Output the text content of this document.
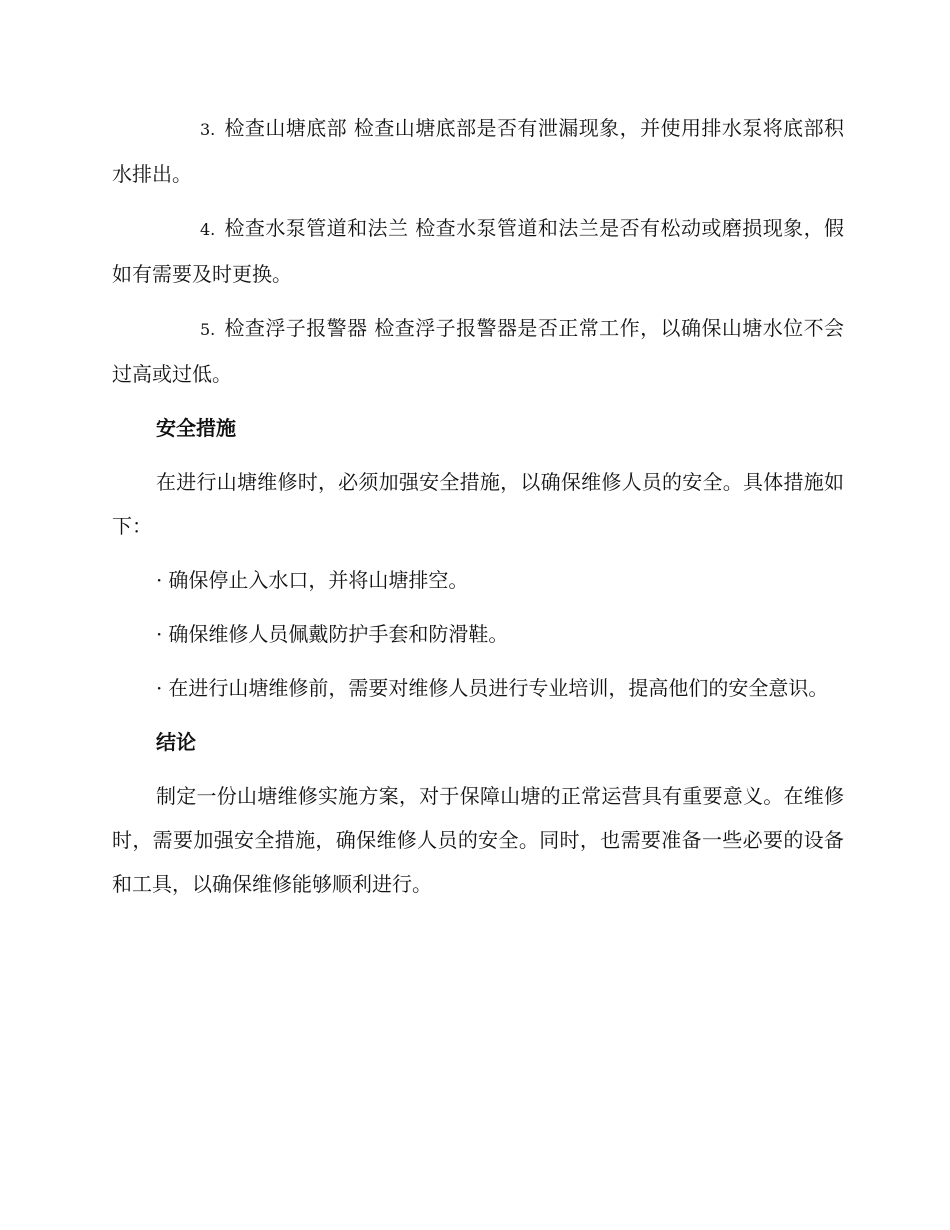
3. 检查山塘底部 检查山塘底部是否有泄漏现象，并使用排水泵将底部积水排出。

4. 检查水泵管道和法兰 检查水泵管道和法兰是否有松动或磨损现象，假如有需要及时更换。

5. 检查浮子报警器 检查浮子报警器是否正常工作，以确保山塘水位不会过高或过低。

安全措施

在进行山塘维修时，必须加强安全措施，以确保维修人员的安全。具体措施如下：

· 确保停止入水口，并将山塘排空。

· 确保维修人员佩戴防护手套和防滑鞋。

· 在进行山塘维修前，需要对维修人员进行专业培训，提高他们的安全意识。

结论

制定一份山塘维修实施方案，对于保障山塘的正常运营具有重要意义。在维修时，需要加强安全措施，确保维修人员的安全。同时，也需要准备一些必要的设备和工具，以确保维修能够顺利进行。
